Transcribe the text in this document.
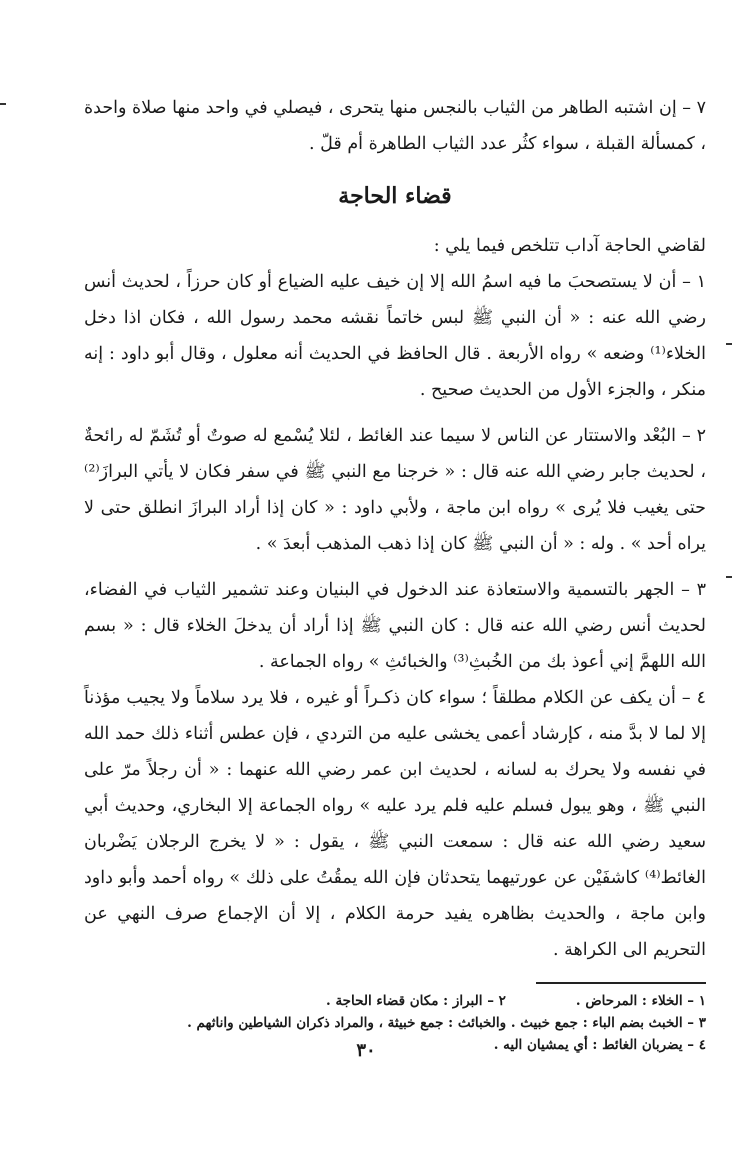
٧ – إن اشتبه الطاهر من الثياب بالنجس منها يتحرى ، فيصلي في واحد منها صلاة واحدة ، كمسألة القبلة ، سواء كثُر عدد الثياب الطاهرة أم قلّ .

قضاء الحاجة

لقاضي الحاجة آداب تتلخص فيما يلي :

١ – أن لا يستصحبَ ما فيه اسمُ الله إلا إن خيف عليه الضياع أو كان حرزاً ، لحديث أنس رضي الله عنه : « أن النبي ﷺ لبس خاتماً نقشه محمد رسول الله ، فكان اذا دخل الخلاء⁽¹⁾ وضعه » رواه الأربعة . قال الحافظ في الحديث أنه معلول ، وقال أبو داود : إنه منكر ، والجزء الأول من الحديث صحيح .

٢ – البُعْد والاستتار عن الناس لا سيما عند الغائط ، لئلا يُسْمع له صوتٌ أو تُشَمّ له رائحةٌ ، لحديث جابر رضي الله عنه قال : « خرجنا مع النبي ﷺ في سفر فكان لا يأتي البرازَ⁽²⁾ حتى يغيب فلا يُرى » رواه ابن ماجة ، ولأبي داود : « كان إذا أراد البرازَ انطلق حتى لا يراه أحد » . وله : « أن النبي ﷺ كان إذا ذهب المذهب أبعدَ » .

٣ – الجهر بالتسمية والاستعاذة عند الدخول في البنيان وعند تشمير الثياب في الفضاء، لحديث أنس رضي الله عنه قال : كان النبي ﷺ إذا أراد أن يدخلَ الخلاء قال : « بسم الله اللهمَّ إني أعوذ بك من الخُبثِ⁽³⁾ والخبائثِ » رواه الجماعة .

٤ – أن يكف عن الكلام مطلقاً ؛ سواء كان ذكـراً أو غيره ، فلا يرد سلاماً ولا يجيب مؤذناً إلا لما لا بدَّ منه ، كإرشاد أعمى يخشى عليه من التردي ، فإن عطس أثناء ذلك حمد الله في نفسه ولا يحرك به لسانه ، لحديث ابن عمر رضي الله عنهما : « أن رجلاً مرّ على النبي ﷺ ، وهو يبول فسلم عليه فلم يرد عليه » رواه الجماعة إلا البخاري، وحديث أبي سعيد رضي الله عنه قال : سمعت النبي ﷺ ، يقول : « لا يخرج الرجلان يَضْربان الغائط⁽⁴⁾ كاشفَيْن عن عورتيهما يتحدثان فإن الله يمقُتُ على ذلك » رواه أحمد وأبو داود وابن ماجة ، والحديث بظاهره يفيد حرمة الكلام ، إلا أن الإجماع صرف النهي عن التحريم الى الكراهة .

١ – الخلاء : المرحاض .
٢ – البراز : مكان قضاء الحاجة .
٣ – الخبث بضم الباء : جمع خبيث . والخبائث : جمع خبيثة ، والمراد ذكران الشياطين واناثهم .
٤ – يضربان الغائط : أي يمشيان اليه .
٣٠
